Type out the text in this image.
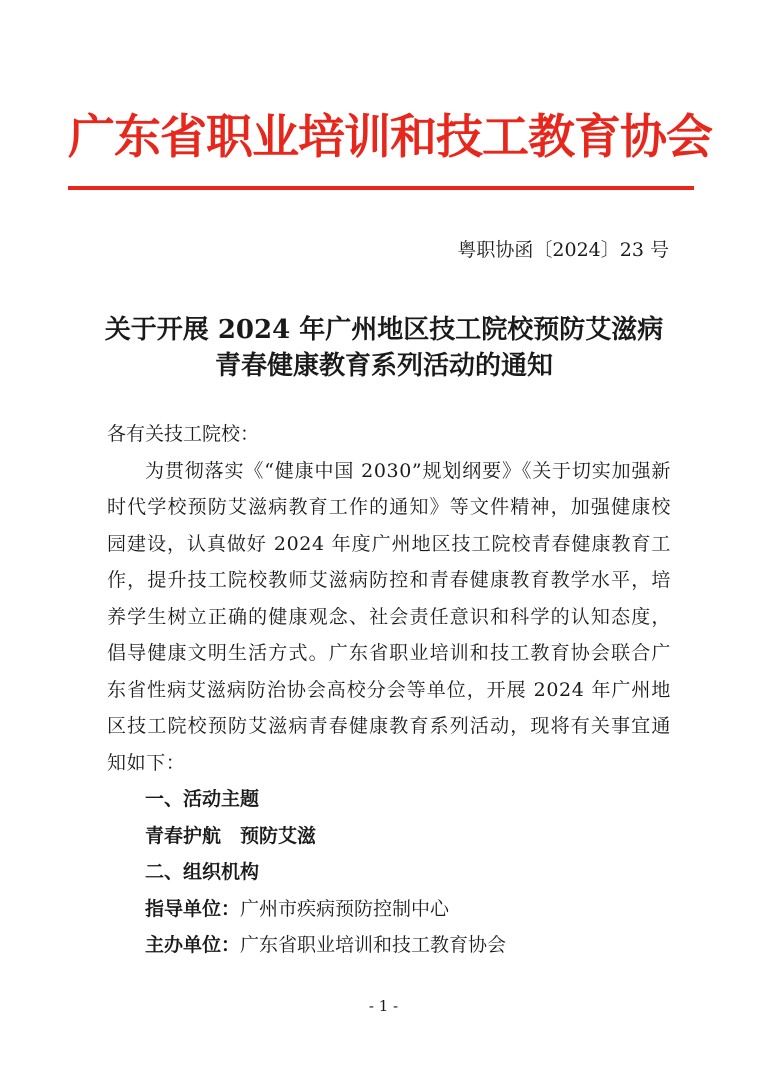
广东省职业培训和技工教育协会
粤职协函〔2024〕23 号
关于开展 2024 年广州地区技工院校预防艾滋病青春健康教育系列活动的通知

各有关技工院校：

为贯彻落实《“健康中国 2030”规划纲要》《关于切实加强新时代学校预防艾滋病教育工作的通知》等文件精神，加强健康校园建设，认真做好 2024 年度广州地区技工院校青春健康教育工作，提升技工院校教师艾滋病防控和青春健康教育教学水平，培养学生树立正确的健康观念、社会责任意识和科学的认知态度，倡导健康文明生活方式。广东省职业培训和技工教育协会联合广东省性病艾滋病防治协会高校分会等单位，开展 2024 年广州地区技工院校预防艾滋病青春健康教育系列活动，现将有关事宜通知如下：

一、活动主题

青春护航　预防艾滋

二、组织机构

指导单位：广州市疾病预防控制中心

主办单位：广东省职业培训和技工教育协会

- 1 -
